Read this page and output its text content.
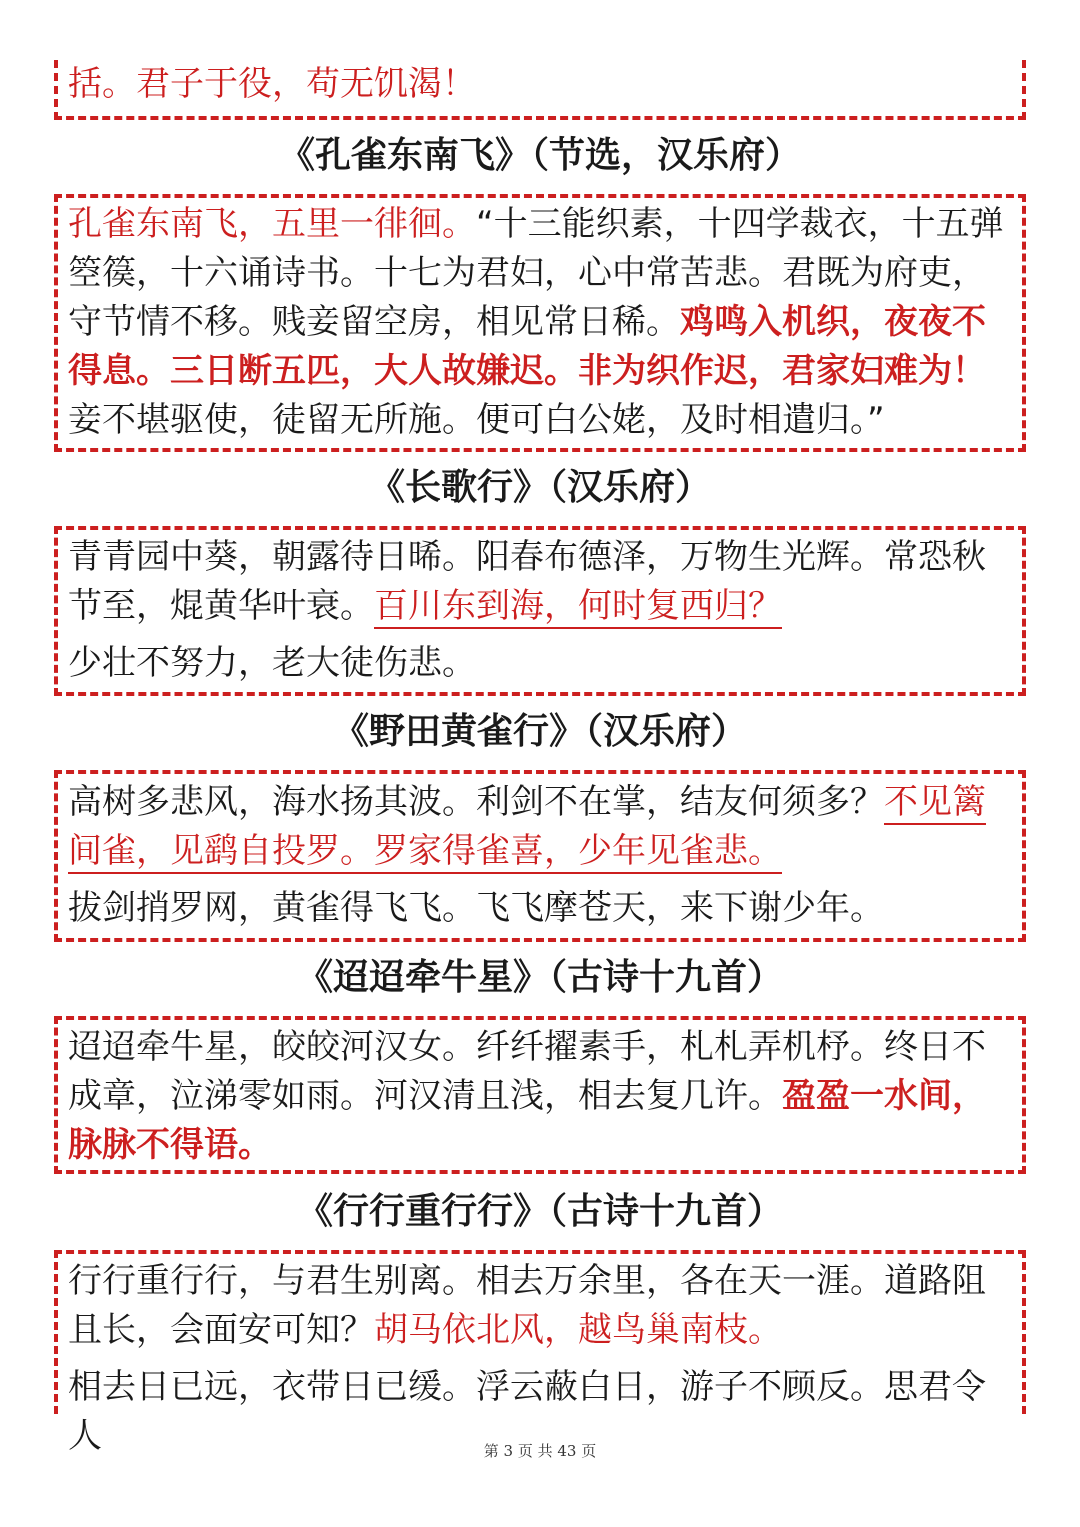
括。君子于役，苟无饥渴！

《孔雀东南飞》（节选，汉乐府）

孔雀东南飞，五里一徘徊。“十三能织素，十四学裁衣，十五弹箜篌，十六诵诗书。十七为君妇，心中常苦悲。君既为府吏，守节情不移。贱妾留空房，相见常日稀。鸡鸣入机织，夜夜不得息。三日断五匹，大人故嫌迟。非为织作迟，君家妇难为！妾不堪驱使，徒留无所施。便可白公姥，及时相遣归。”

《长歌行》（汉乐府）

青青园中葵，朝露待日晞。阳春布德泽，万物生光辉。常恐秋节至，焜黄华叶衰。百川东到海，何时复西归？

少壮不努力，老大徒伤悲。

《野田黄雀行》（汉乐府）

高树多悲风，海水扬其波。利剑不在掌，结友何须多？不见篱间雀，见鹞自投罗。罗家得雀喜，少年见雀悲。

拔剑捎罗网，黄雀得飞飞。飞飞摩苍天，来下谢少年。

《迢迢牵牛星》（古诗十九首）

迢迢牵牛星，皎皎河汉女。纤纤擢素手，札札弄机杼。终日不成章，泣涕零如雨。河汉清且浅，相去复几许。盈盈一水间，脉脉不得语。

《行行重行行》（古诗十九首）

行行重行行，与君生别离。相去万余里，各在天一涯。道路阻且长，会面安可知？胡马依北风，越鸟巢南枝。

相去日已远，衣带日已缓。浮云蔽白日，游子不顾反。思君令人	第 3 页 共 43 页
